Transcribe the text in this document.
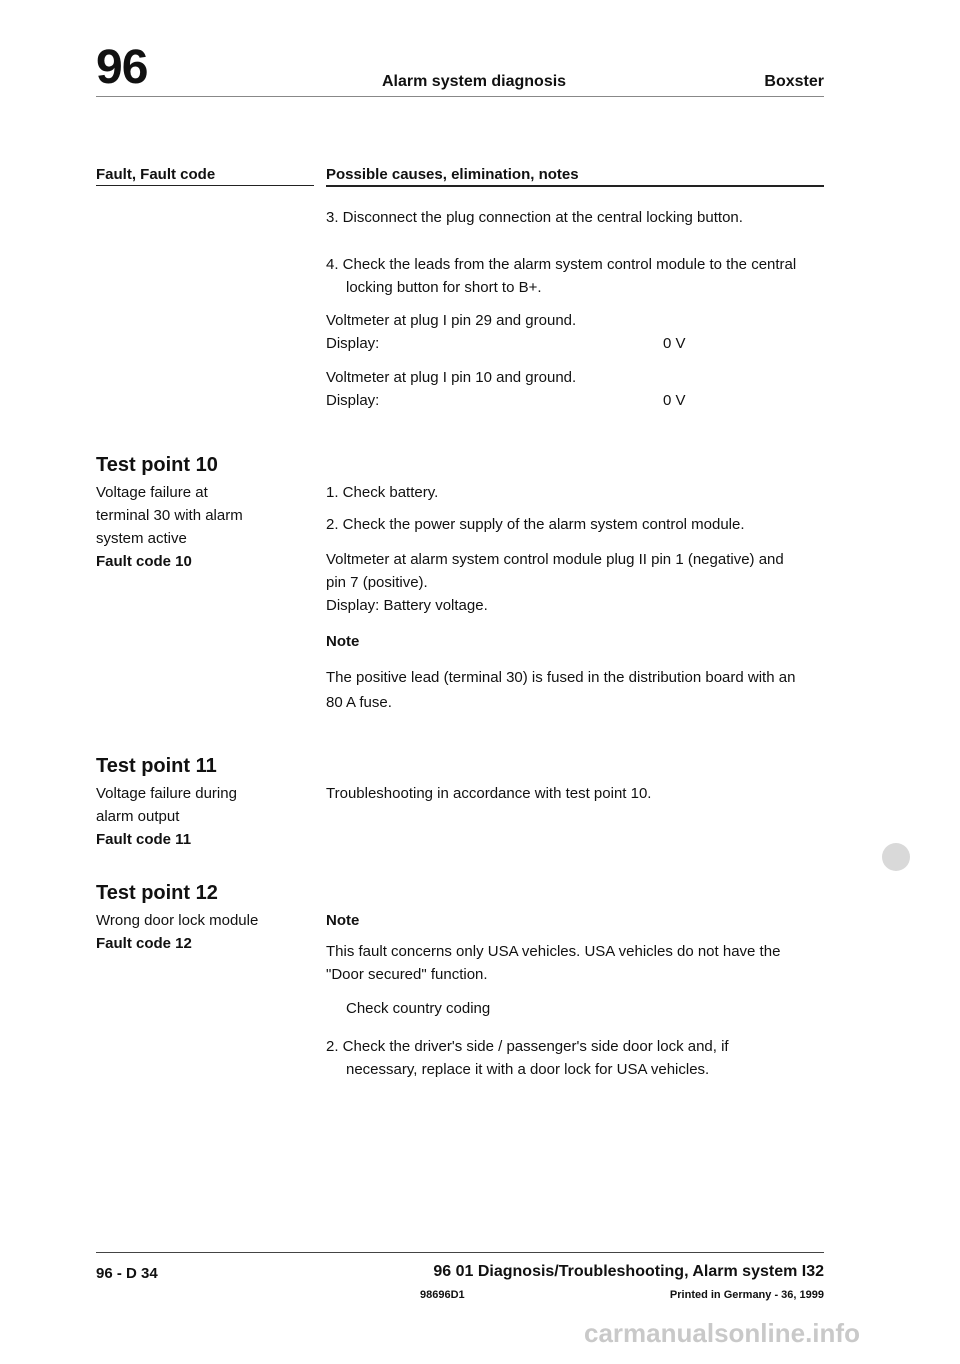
96	Alarm system diagnosis	Boxster
Fault, Fault code	Possible causes, elimination, notes
3. Disconnect the plug connection at the central locking button.
4. Check the leads from the alarm system control module to the central
locking button for short to B+.
Voltmeter at plug I pin 29 and ground.
Display:	0 V
Voltmeter at plug I pin 10 and ground.
Display:	0 V
Test point 10
Voltage failure at
terminal 30 with alarm
system active
Fault code 10
1. Check battery.
2. Check the power supply of the alarm system control module.
Voltmeter at alarm system control module plug II pin 1 (negative) and
pin 7 (positive).
Display: Battery voltage.
Note
The positive lead (terminal 30) is fused in the distribution board with an
80 A fuse.
Test point 11
Voltage failure during
alarm output
Fault code 11
Troubleshooting in accordance with test point 10.
Test point 12
Wrong door lock module
Fault code 12
Note
This fault concerns only USA vehicles. USA vehicles do not have the
"Door secured" function.
Check country coding
2. Check the driver's side / passenger's side door lock and, if
necessary, replace it with a door lock for USA vehicles.
96 - D 34	96 01 Diagnosis/Troubleshooting, Alarm system I32
98696D1	Printed in Germany - 36, 1999
carmanualsonline.info
